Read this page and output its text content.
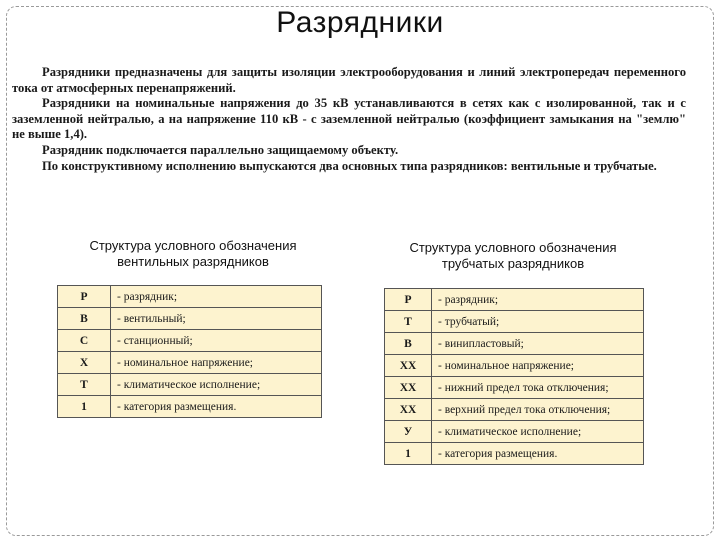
Разрядники

Разрядники предназначены для защиты изоляции электрооборудования и линий электропередач переменного тока от атмосферных перенапряжений.

Разрядники на номинальные напряжения до 35 кВ устанавливаются в сетях как с изолированной, так и с заземленной нейтралью, а на напряжение 110 кВ - с заземленной нейтралью (коэффициент замыкания на "землю" не выше 1,4).

Разрядник подключается параллельно защищаемому объекту.

По конструктивному исполнению выпускаются два основных типа разрядников: вентильные и трубчатые.

Структура условного обозначения
вентильных разрядников
Структура условного обозначения
трубчатых разрядников
Р	- разрядник;
В	- вентильный;
С	- станционный;
Х	- номинальное напряжение;
Т	- климатическое исполнение;
1	- категория размещения.
Р	- разрядник;
Т	- трубчатый;
В	- винипластовый;
ХХ	- номинальное напряжение;
ХХ	- нижний предел тока отключения;
ХХ	- верхний предел тока отключения;
У	- климатическое исполнение;
1	- категория размещения.
